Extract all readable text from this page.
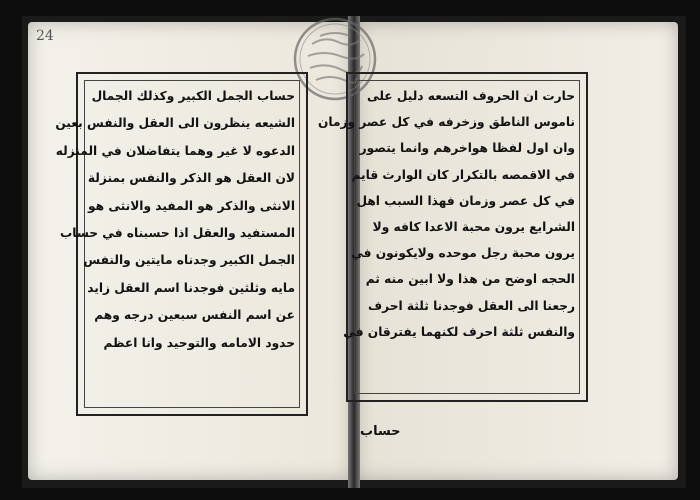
24
حساب الجمل الكبير وكذلك الجمال
الشيعه ينظرون الى العقل والنفس بعين
الدعوه لا غير وهما يتفاضلان في المنزله
لان العقل هو الذكر والنفس بمنزلة
الانثى والذكر هو المفيد والانثى هو
المستفيد والعقل اذا حسبناه في حساب
الجمل الكبير وجدناه مايتين والنفس
مايه وثلثين فوجدنا اسم العقل زايد
عن اسم النفس سبعين درجه وهم
حدود الامامه والتوحيد وانا اعظم
حارت ان الحروف التسعه دليل على
ناموس الناطق وزخرفه في كل عصر وزمان
وان اول لفظا هواخرهم وانما يتصور
في الاقمصه بالتكرار كان الوارث قايم
في كل عصر وزمان فهذا السبب اهل
الشرايع يرون محبة الاعدا كافه ولا
يرون محبة رجل موحده ولايكونون في
الحجه اوضح من هذا ولا ابين منه ثم
رجعنا الى العقل فوجدنا ثلثة احرف
والنفس ثلثة احرف لكنهما يفترقان في
حساب
